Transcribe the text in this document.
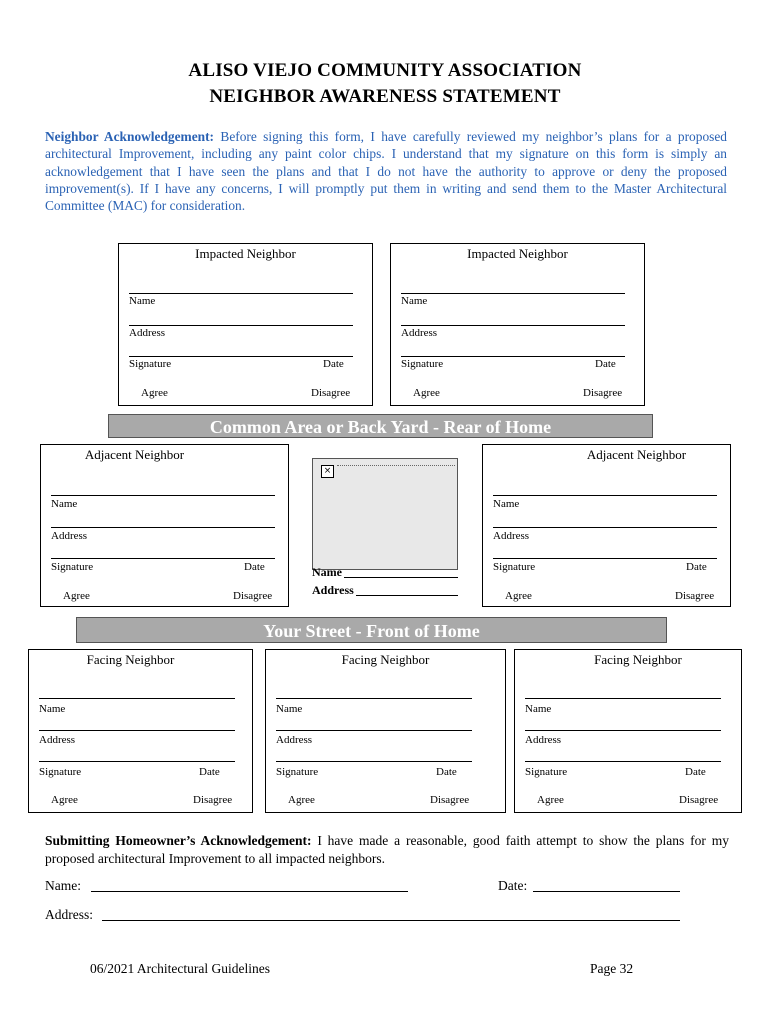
ALISO VIEJO COMMUNITY ASSOCIATION
NEIGHBOR AWARENESS STATEMENT
Neighbor Acknowledgement: Before signing this form, I have carefully reviewed my neighbor’s plans for a proposed architectural Improvement, including any paint color chips. I understand that my signature on this form is simply an acknowledgement that I have seen the plans and that I do not have the authority to approve or deny the proposed improvement(s). If I have any concerns, I will promptly put them in writing and send them to the Master Architectural Committee (MAC) for consideration.
Impacted Neighbor
Name
Address
Signature	Date
Agree	Disagree
Impacted Neighbor
Name
Address
Signature	Date
Agree	Disagree
Common Area or Back Yard - Rear of Home
Adjacent Neighbor
Name
Address
Signature	Date
Agree	Disagree
×
Name
Address
Adjacent Neighbor
Name
Address
Signature	Date
Agree	Disagree
Your Street - Front of Home
Facing Neighbor
Name
Address
Signature	Date
Agree	Disagree
Facing Neighbor
Name
Address
Signature	Date
Agree	Disagree
Facing Neighbor
Name
Address
Signature	Date
Agree	Disagree
Submitting Homeowner’s Acknowledgement: I have made a reasonable, good faith attempt to show the plans for my proposed architectural Improvement to all impacted neighbors.
Name:	Date:
Address:
06/2021 Architectural Guidelines	Page 32
